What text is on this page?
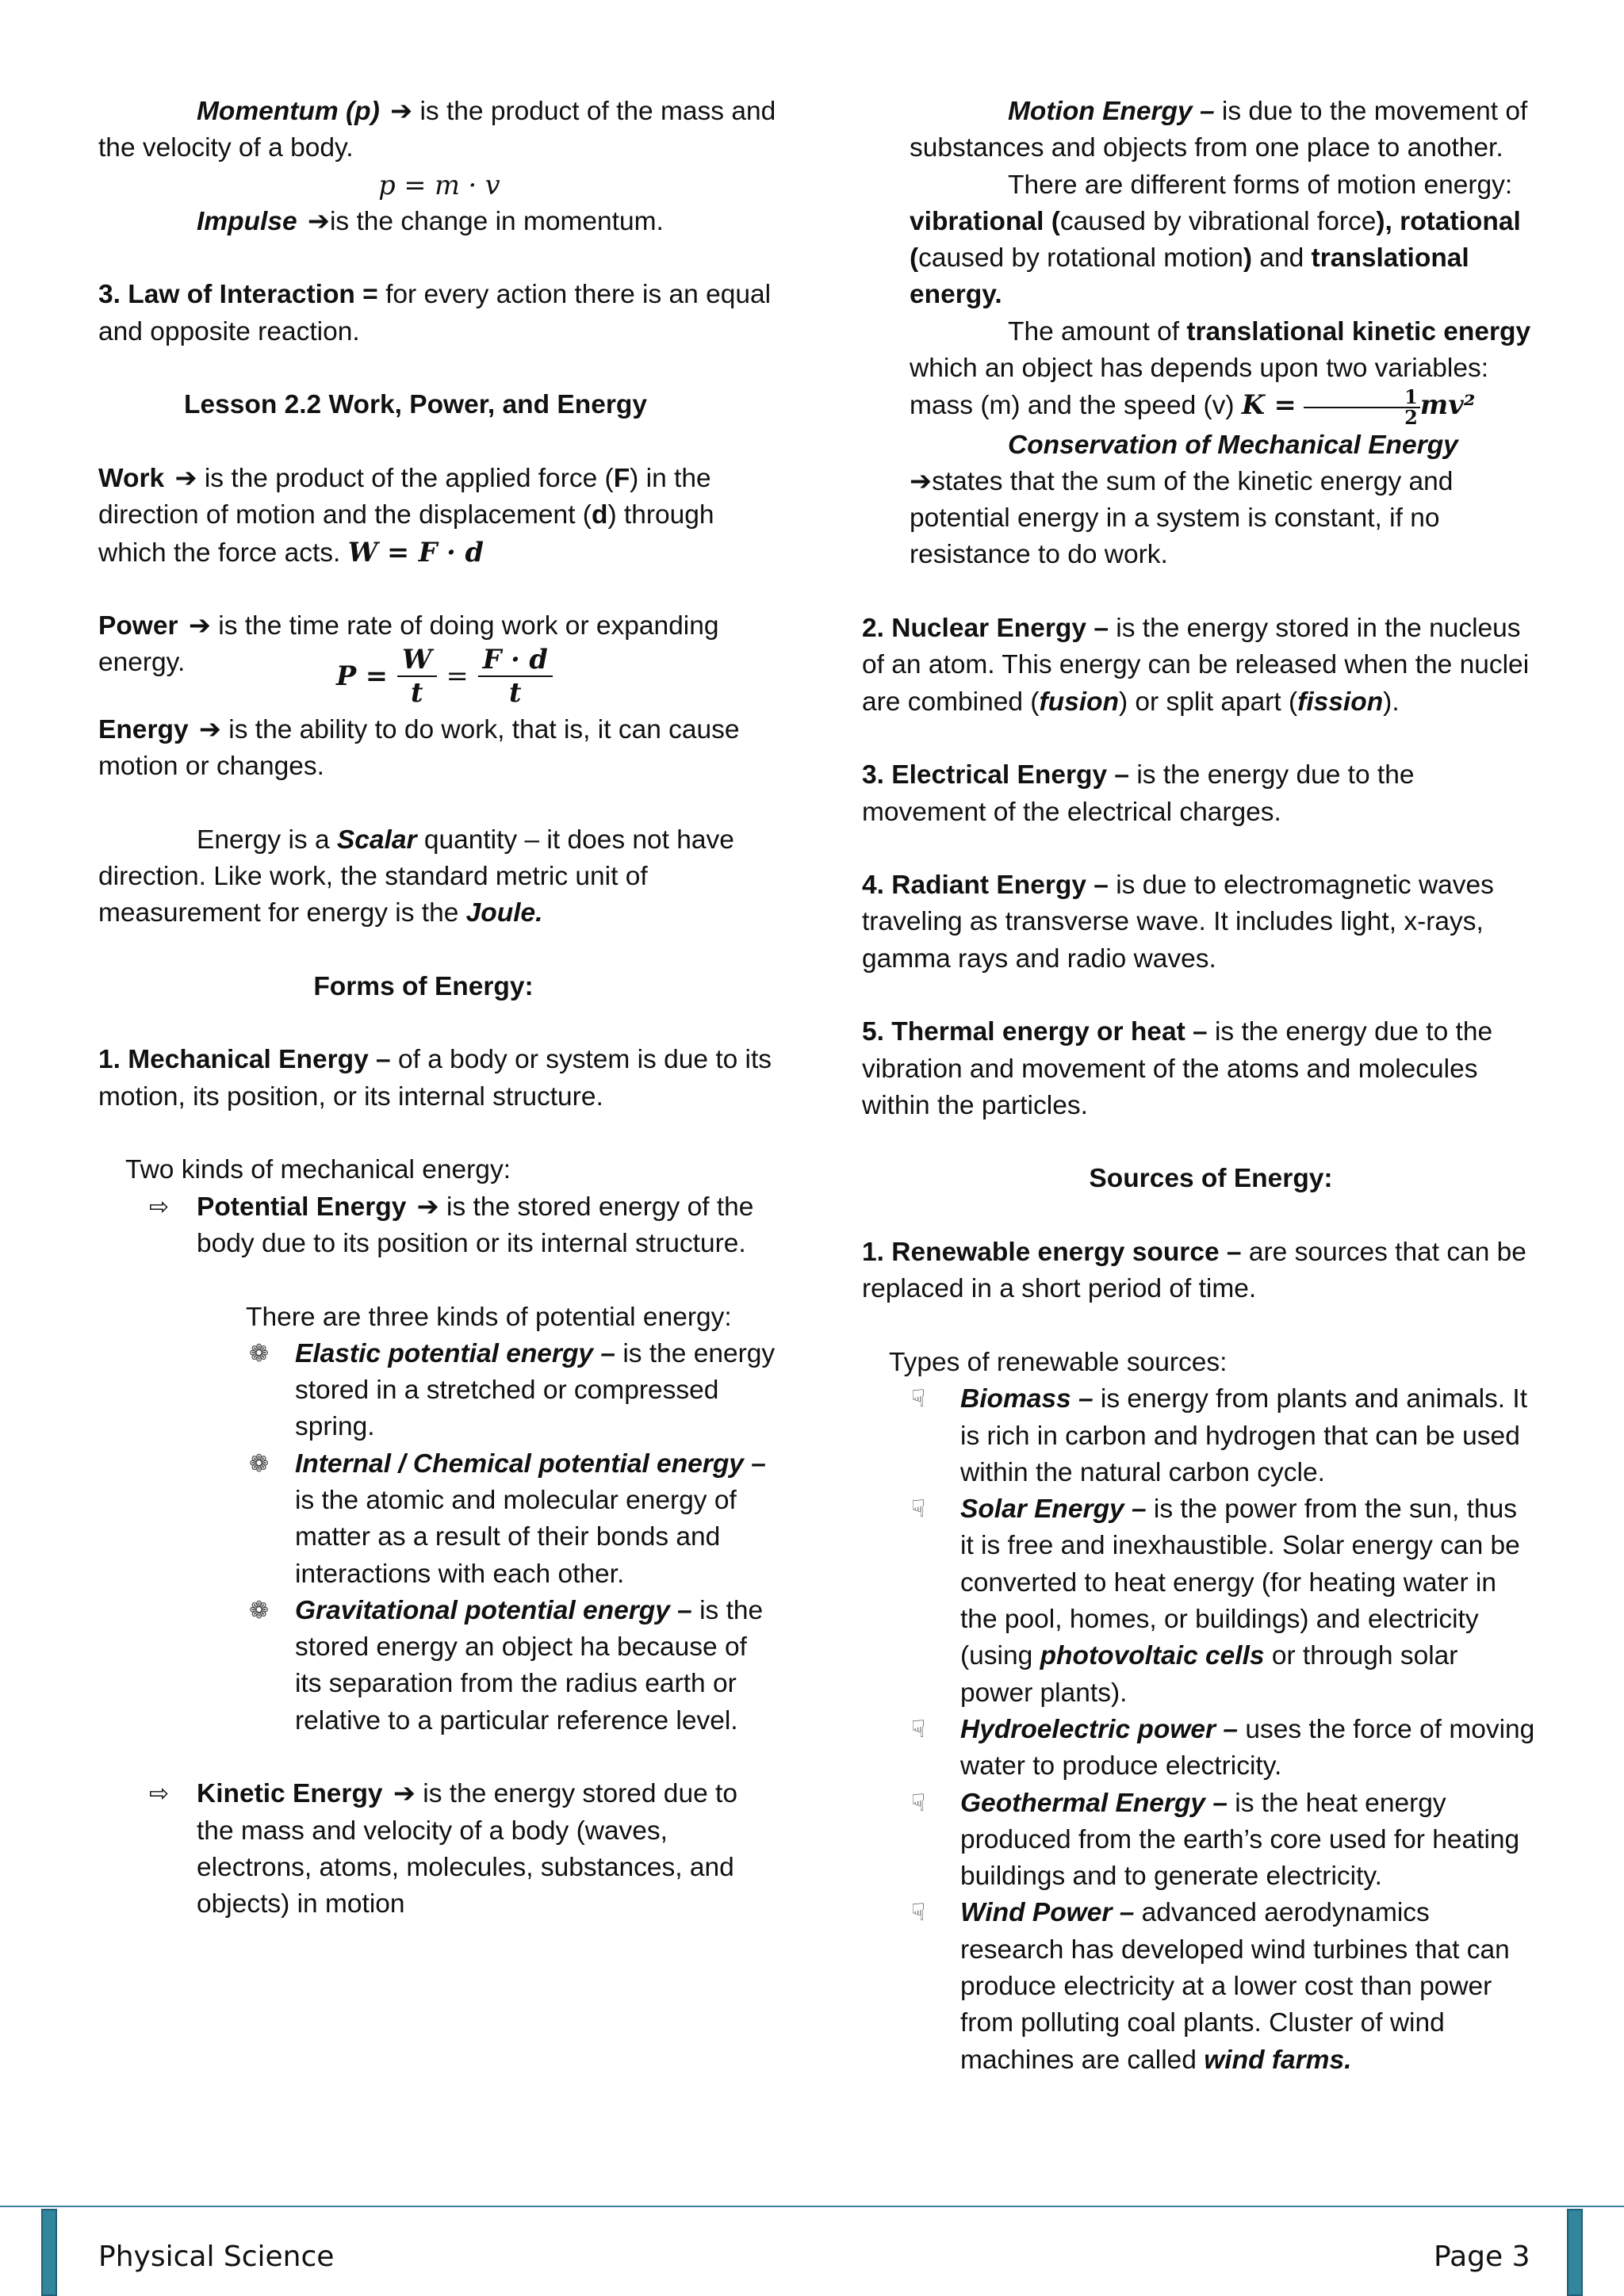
Momentum (p) ➔ is the product of the mass and the velocity of a body.

p = m · v

Impulse ➔is the change in momentum.

3. Law of Interaction = for every action there is an equal and opposite reaction.

Lesson 2.2 Work, Power, and Energy

Work ➔ is the product of the applied force (F) in the direction of motion and the displacement (d) through which the force acts. W = F · d

Power ➔ is the time rate of doing work or expanding energy.	$P = \frac{W}{t} = \frac{F \cdot d}{t}$

Energy ➔ is the ability to do work, that is, it can cause motion or changes.

Energy is a Scalar quantity – it does not have direction. Like work, the standard metric unit of measurement for energy is the Joule.

Forms of Energy:

1. Mechanical Energy – of a body or system is due to its motion, its position, or its internal structure.

Two kinds of mechanical energy:

⇨ Potential Energy ➔ is the stored energy of the body due to its position or its internal structure.

There are three kinds of potential energy:

❁ Elastic potential energy – is the energy stored in a stretched or compressed spring.
❁ Internal / Chemical potential energy – is the atomic and molecular energy of matter as a result of their bonds and interactions with each other.
❁ Gravitational potential energy – is the stored energy an object ha because of its separation from the radius earth or relative to a particular reference level.
⇨ Kinetic Energy ➔ is the energy stored due to the mass and velocity of a body (waves, electrons, atoms, molecules, substances, and objects) in motion

Motion Energy – is due to the movement of substances and objects from one place to another.

There are different forms of motion energy: vibrational (caused by vibrational force), rotational (caused by rotational motion) and translational energy.

The amount of translational kinetic energy which an object has depends upon two variables: mass (m) and the speed (v) $K = \frac{1}{2} mv^2$

Conservation of Mechanical Energy

➔states that the sum of the kinetic energy and potential energy in a system is constant, if no resistance to do work.

2. Nuclear Energy – is the energy stored in the nucleus of an atom. This energy can be released when the nuclei are combined (fusion) or split apart (fission).

3. Electrical Energy – is the energy due to the movement of the electrical charges.

4. Radiant Energy – is due to electromagnetic waves traveling as transverse wave. It includes light, x-rays, gamma rays and radio waves.

5. Thermal energy or heat – is the energy due to the vibration and movement of the atoms and molecules within the particles.

Sources of Energy:

1. Renewable energy source – are sources that can be replaced in a short period of time.

Types of renewable sources:

☟ Biomass – is energy from plants and animals. It is rich in carbon and hydrogen that can be used within the natural carbon cycle.
☟ Solar Energy – is the power from the sun, thus it is free and inexhaustible. Solar energy can be converted to heat energy (for heating water in the pool, homes, or buildings) and electricity (using photovoltaic cells or through solar power plants).
☟ Hydroelectric power – uses the force of moving water to produce electricity.
☟ Geothermal Energy – is the heat energy produced from the earth’s core used for heating buildings and to generate electricity.
☟ Wind Power – advanced aerodynamics research has developed wind turbines that can produce electricity at a lower cost than power from polluting coal plants. Cluster of wind machines are called wind farms.
Physical Science	Page 3
